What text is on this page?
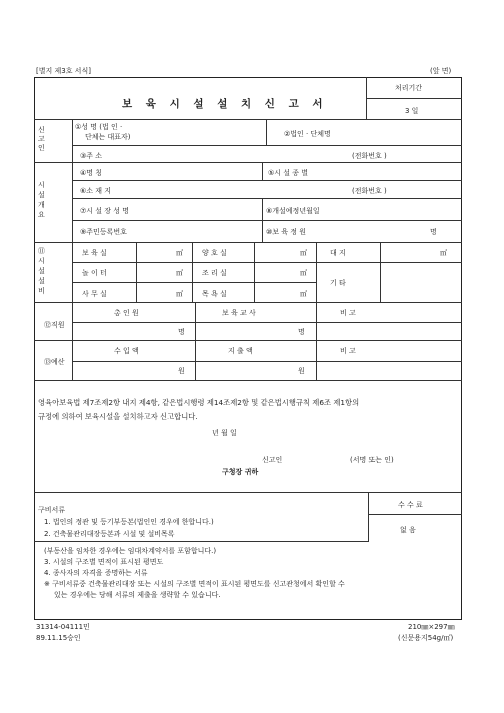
[별지 제3호 서식]	(앞 면)
보 육 시 설 설 치 신 고 서
처리기간
3 일
신
고
인
①성 명 (법 인 ·
단체는 대표자)	②법인 · 단체명
③주 소	(전화번호 )
시
설
개
요
④명 칭	⑤시 설 종 별
⑥소 재 지	(전화번호 )
⑦시 설 장 성 명	⑧개설예정년월일
⑨주민등록번호	⑩보 육 정 원	명
⑪
시
설
설
비
보 육 실	㎡	양 호 실	㎡	대 지	㎡
놀 이 터	㎡	조 리 실	㎡
사 무 실	㎡	목 욕 실	㎡
기 타
⑫직원
총 인 원	보 육 교 사	비 고
명	명
⑬예산
수 입 액	지 출 액	비 고
원	원
영육아보육법 제7조제2항 내지 제4항, 같은법시행령 제14조제2항 및 같은법시행규칙 제6조 제1항의
규정에 의하여 보육시설을 설치하고자 신고합니다.
년 월 일
신고인	(서명 또는 인)
구청장 귀하
구비서류
1. 법인의 정관 및 등기부등본(법인인 경우에 한합니다.)
2. 건축물관리대장등본과 시설 및 설비목록
(부동산을 임차한 경우에는 임대차계약서를 포함합니다.)
3. 시설의 구조별 면적이 표시된 평면도
4. 종사자의 자격을 증명하는 서류
※ 구비서류중 건축물관리대장 또는 시설의 구조별 면적이 표시된 평면도를 신고관청에서 확인할 수
있는 경우에는 당해 서류의 제출을 생략할 수 있습니다.
수 수 료
없 음
31314-04111민
89.11.15승인
210㎜×297㎜
(신문용지54g/㎡)
